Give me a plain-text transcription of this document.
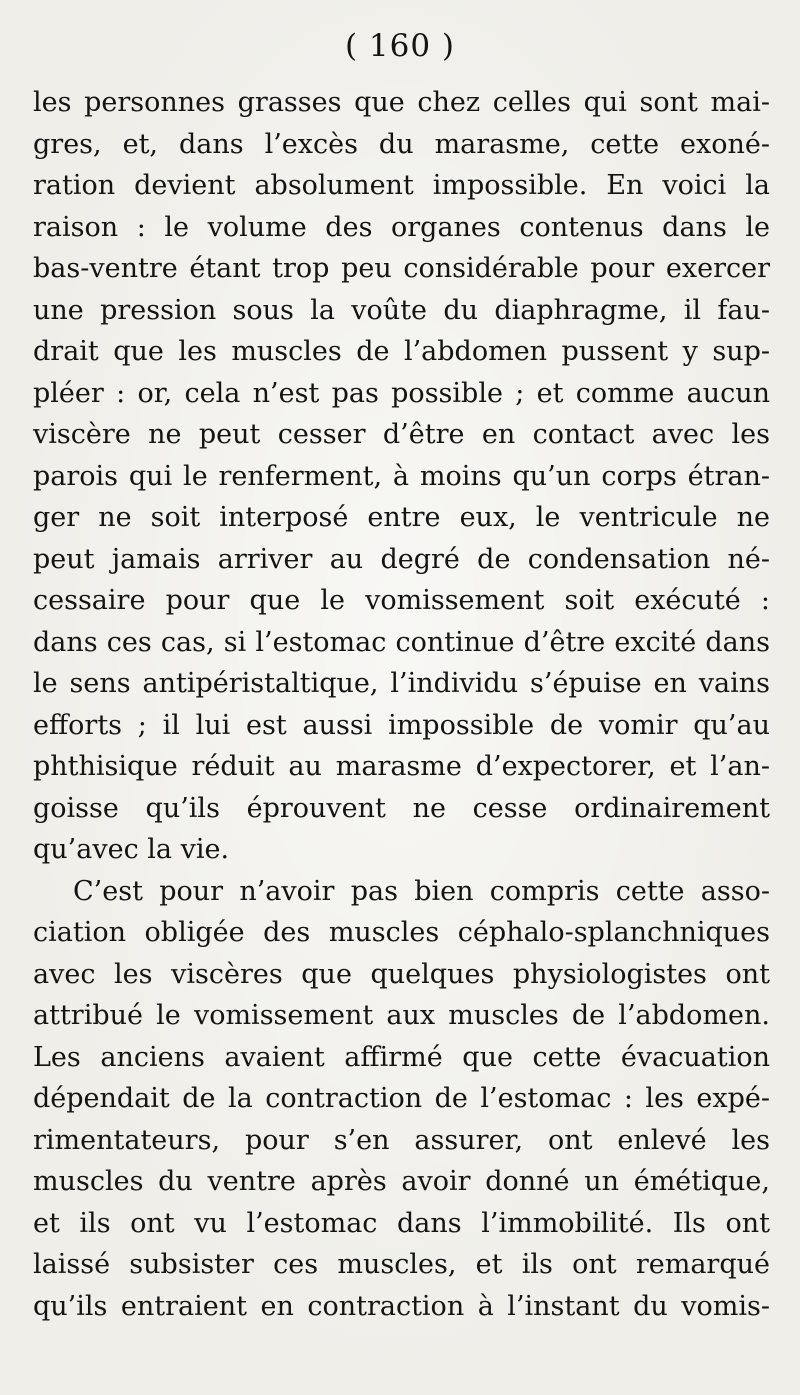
( 160 )
les personnes grasses que chez celles qui sont mai-
gres, et, dans l’excès du marasme, cette exoné-
ration devient absolument impossible. En voici la
raison : le volume des organes contenus dans le
bas-ventre étant trop peu considérable pour exercer
une pression sous la voûte du diaphragme, il fau-
drait que les muscles de l’abdomen pussent y sup-
pléer : or, cela n’est pas possible ; et comme aucun
viscère ne peut cesser d’être en contact avec les
parois qui le renferment, à moins qu’un corps étran-
ger ne soit interposé entre eux, le ventricule ne
peut jamais arriver au degré de condensation né-
cessaire pour que le vomissement soit exécuté :
dans ces cas, si l’estomac continue d’être excité dans
le sens antipéristaltique, l’individu s’épuise en vains
efforts ; il lui est aussi impossible de vomir qu’au
phthisique réduit au marasme d’expectorer, et l’an-
goisse qu’ils éprouvent ne cesse ordinairement
qu’avec la vie.
C’est pour n’avoir pas bien compris cette asso-
ciation obligée des muscles céphalo-splanchniques
avec les viscères que quelques physiologistes ont
attribué le vomissement aux muscles de l’abdomen.
Les anciens avaient affirmé que cette évacuation
dépendait de la contraction de l’estomac : les expé-
rimentateurs, pour s’en assurer, ont enlevé les
muscles du ventre après avoir donné un émétique,
et ils ont vu l’estomac dans l’immobilité. Ils ont
laissé subsister ces muscles, et ils ont remarqué
qu’ils entraient en contraction à l’instant du vomis-
